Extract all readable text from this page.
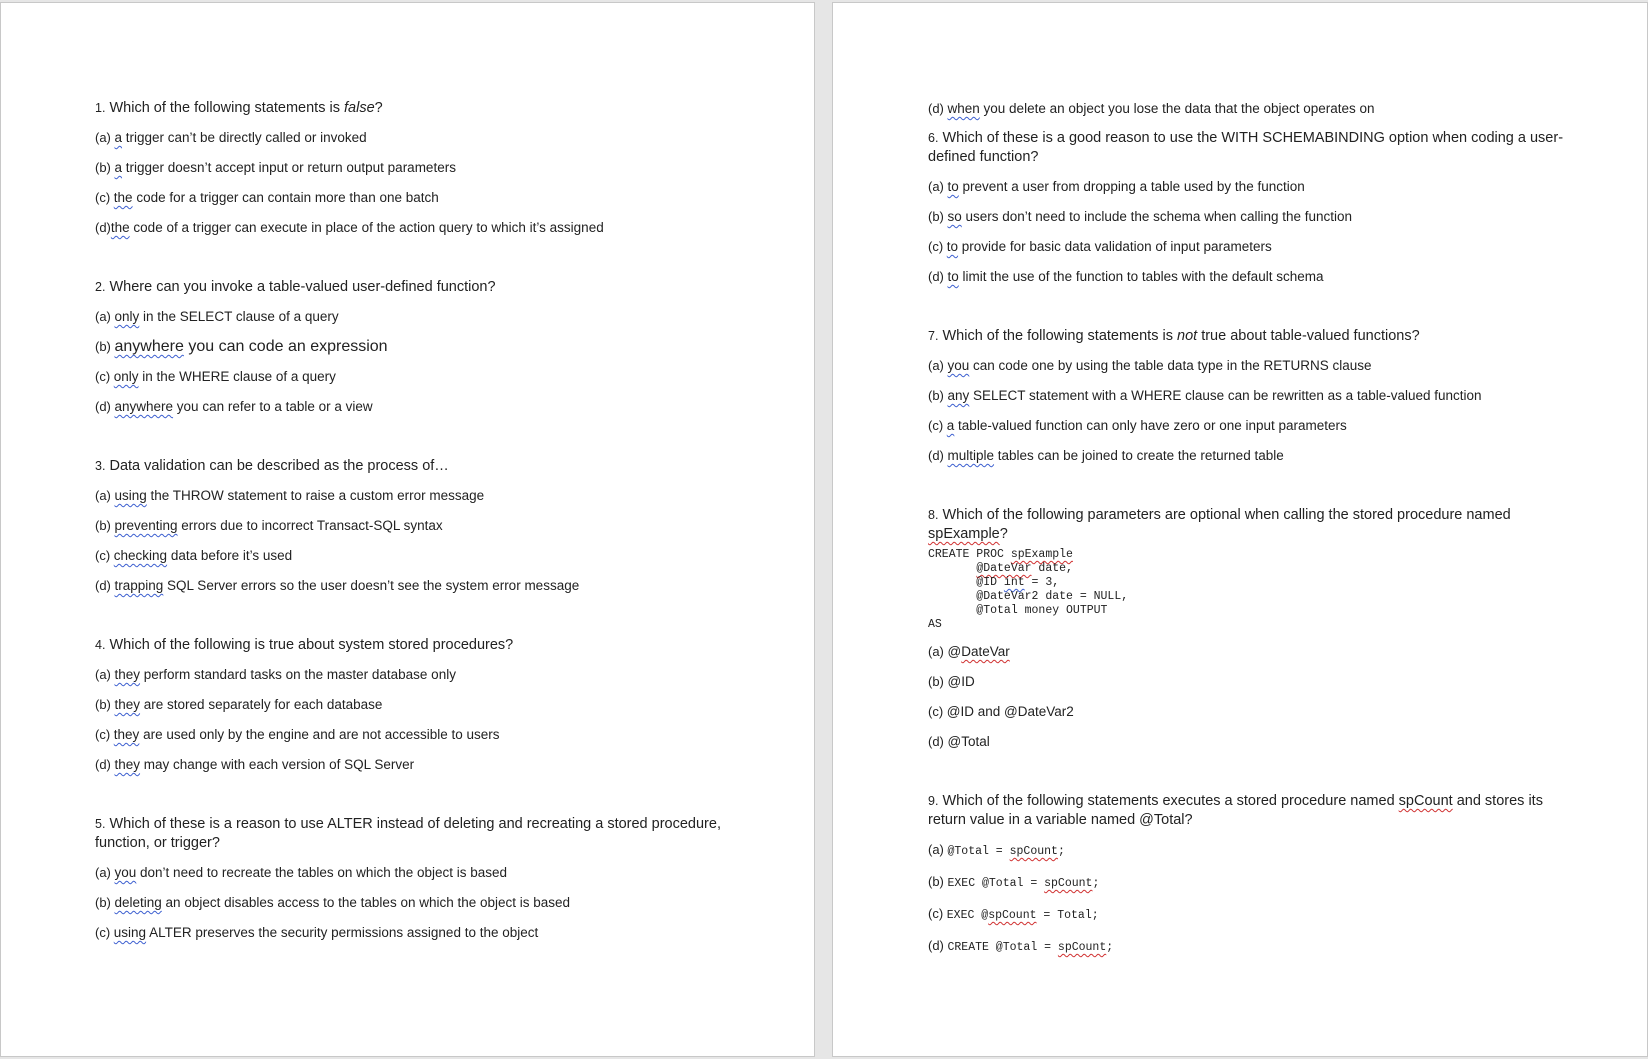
1. Which of the following statements is false?
(a) a trigger can’t be directly called or invoked
(b) a trigger doesn’t accept input or return output parameters
(c) the code for a trigger can contain more than one batch
(d)the code of a trigger can execute in place of the action query to which it’s assigned
2. Where can you invoke a table-valued user-defined function?
(a) only in the SELECT clause of a query
(b) anywhere you can code an expression
(c) only in the WHERE clause of a query
(d) anywhere you can refer to a table or a view
3. Data validation can be described as the process of…
(a) using the THROW statement to raise a custom error message
(b) preventing errors due to incorrect Transact-SQL syntax
(c) checking data before it’s used
(d) trapping SQL Server errors so the user doesn’t see the system error message
4. Which of the following is true about system stored procedures?
(a) they perform standard tasks on the master database only
(b) they are stored separately for each database
(c) they are used only by the engine and are not accessible to users
(d) they may change with each version of SQL Server
5. Which of these is a reason to use ALTER instead of deleting and recreating a stored procedure, function, or trigger?
(a) you don’t need to recreate the tables on which the object is based
(b) deleting an object disables access to the tables on which the object is based
(c) using ALTER preserves the security permissions assigned to the object
(d) when you delete an object you lose the data that the object operates on
6. Which of these is a good reason to use the WITH SCHEMABINDING option when coding a user-defined function?
(a) to prevent a user from dropping a table used by the function
(b) so users don’t need to include the schema when calling the function
(c) to provide for basic data validation of input parameters
(d) to limit the use of the function to tables with the default schema
7. Which of the following statements is not true about table-valued functions?
(a) you can code one by using the table data type in the RETURNS clause
(b) any SELECT statement with a WHERE clause can be rewritten as a table-valued function
(c) a table-valued function can only have zero or one input parameters
(d) multiple tables can be joined to create the returned table
8. Which of the following parameters are optional when calling the stored procedure named spExample?
CREATE PROC spExample
@DateVar date,
@ID int = 3,
@DateVar2 date = NULL,
@Total money OUTPUT
AS
(a) @DateVar
(b) @ID
(c) @ID and @DateVar2
(d) @Total
9. Which of the following statements executes a stored procedure named spCount and stores its return value in a variable named @Total?
(a) @Total = spCount;
(b) EXEC @Total = spCount;
(c) EXEC @spCount = Total;
(d) CREATE @Total = spCount;
